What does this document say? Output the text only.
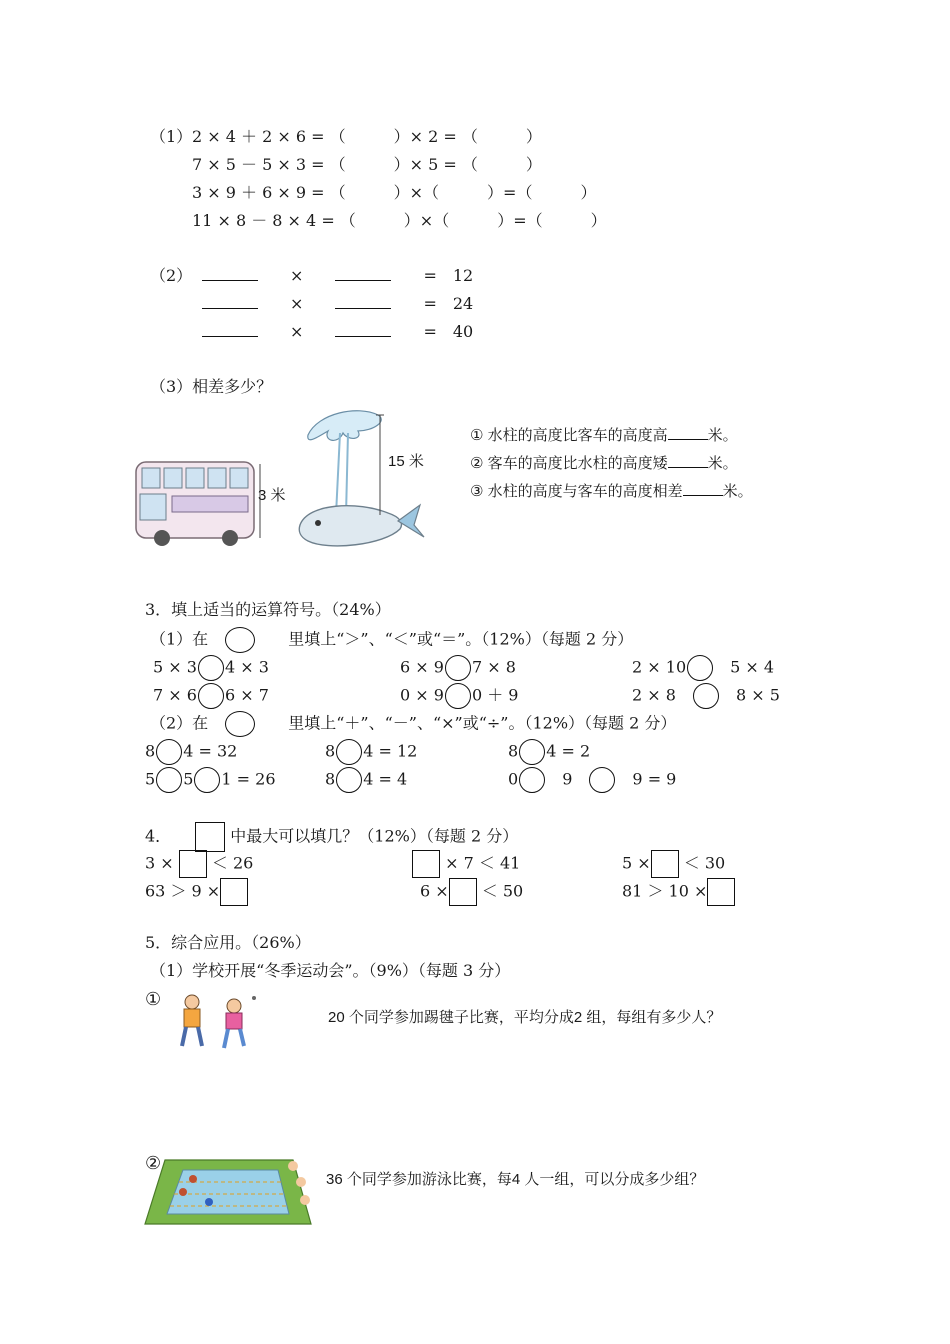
（1） 2 × 4 ＋ 2 × 6 = （　　　）× 2 = （　　　）
7 × 5 － 5 × 3 = （　　　）× 5 = （　　　）
3 × 9 ＋ 6 × 9 = （　　　）×（　　　）=（　　　）
11 × 8 － 8 × 4 = （　　　）×（　　　）=（　　　）
（2）
　　	×　　　　	=　 12
　　×　　　　	=　 24
　　×　　　　	=　 40
（3）相差多少？
3 米
15 米
① 水柱的高度比客车的高度高	米。
② 客车的高度比水柱的高度矮	米。
③ 水柱的高度与客车的高度相差	米。
3．填上适当的运算符号。（24%）
（1）在　　　	里填上“＞”、“＜”或“＝”。（12%）（每题 2 分）
5 × 3 4 × 3	6 × 9 7 × 8	2 × 10　	5 × 4
7 × 6 6 × 7	0 × 9 0 ＋ 9	2 × 8　　	8 × 5
（2）在　　　	里填上“＋”、“－”、“×”或“÷”。（12%）（每题 2 分）
8 4 = 32	8 4 = 12	8 4 = 2
5 5 1 = 26	8 4 = 4	0　	9　　	9 = 9
4．　　	中最大可以填几？（12%）（每题 2 分）
3 × ＜ 26	× 7 ＜ 41	5 × ＜ 30
63 ＞ 9 ×	6 × ＜ 50	81 ＞ 10 ×
5．综合应用。（26%）
（1）学校开展“冬季运动会”。（9%）（每题 3 分）
①
20 个同学参加踢毽子比赛，平均分成2 组，每组有多少人？
②
36 个同学参加游泳比赛，每4 人一组，可以分成多少组？
